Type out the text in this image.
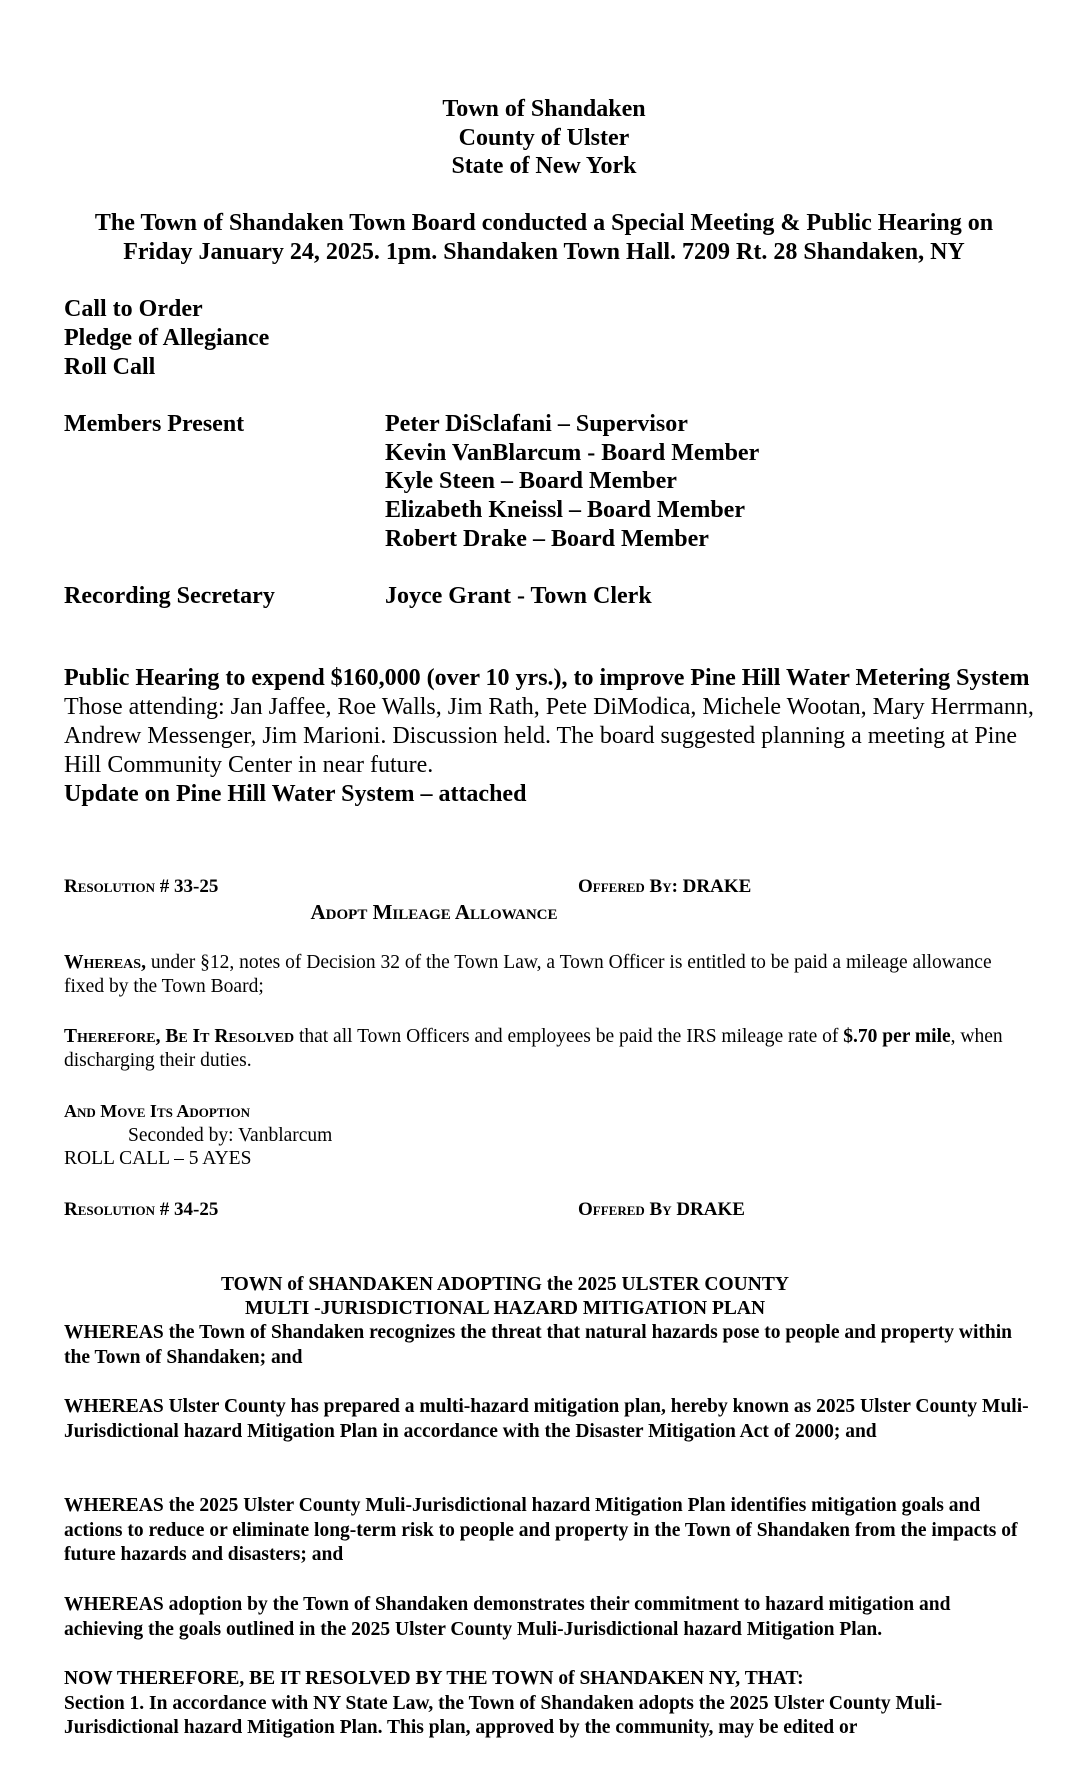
Town of Shandaken
County of Ulster
State of New York
The Town of Shandaken Town Board conducted a Special Meeting & Public Hearing on
Friday January 24, 2025. 1pm. Shandaken Town Hall. 7209 Rt. 28 Shandaken, NY
Call to Order
Pledge of Allegiance
Roll Call
Members Present	Peter DiSclafani – Supervisor
Kevin VanBlarcum - Board Member
Kyle Steen – Board Member
Elizabeth Kneissl – Board Member
Robert Drake – Board Member
Recording Secretary	Joyce Grant - Town Clerk
Public Hearing to expend $160,000 (over 10 yrs.), to improve Pine Hill Water Metering System
Those attending: Jan Jaffee, Roe Walls, Jim Rath, Pete DiModica, Michele Wootan, Mary Herrmann, Andrew Messenger, Jim Marioni. Discussion held. The board suggested planning a meeting at Pine Hill Community Center in near future.
Update on Pine Hill Water System – attached
Resolution # 33-25	Offered By: DRAKE
Adopt Mileage Allowance
Whereas, under §12, notes of Decision 32 of the Town Law, a Town Officer is entitled to be paid a mileage allowance fixed by the Town Board;
Therefore, Be It Resolved that all Town Officers and employees be paid the IRS mileage rate of $.70 per mile, when discharging their duties.
And Move Its Adoption
Seconded by: Vanblarcum
ROLL CALL – 5 AYES
Resolution # 34-25	Offered By DRAKE
TOWN of SHANDAKEN ADOPTING the 2025 ULSTER COUNTY
MULTI -JURISDICTIONAL HAZARD MITIGATION PLAN
WHEREAS the Town of Shandaken recognizes the threat that natural hazards pose to people and property within the Town of Shandaken; and
WHEREAS Ulster County has prepared a multi-hazard mitigation plan, hereby known as 2025 Ulster County Muli-Jurisdictional hazard Mitigation Plan in accordance with the Disaster Mitigation Act of 2000; and
WHEREAS the 2025 Ulster County Muli-Jurisdictional hazard Mitigation Plan identifies mitigation goals and actions to reduce or eliminate long-term risk to people and property in the Town of Shandaken from the impacts of future hazards and disasters; and
WHEREAS adoption by the Town of Shandaken demonstrates their commitment to hazard mitigation and achieving the goals outlined in the 2025 Ulster County Muli-Jurisdictional hazard Mitigation Plan.
NOW THEREFORE, BE IT RESOLVED BY THE TOWN of SHANDAKEN NY, THAT:
Section 1. In accordance with NY State Law, the Town of Shandaken adopts the 2025 Ulster County Muli-Jurisdictional hazard Mitigation Plan. This plan, approved by the community, may be edited or
